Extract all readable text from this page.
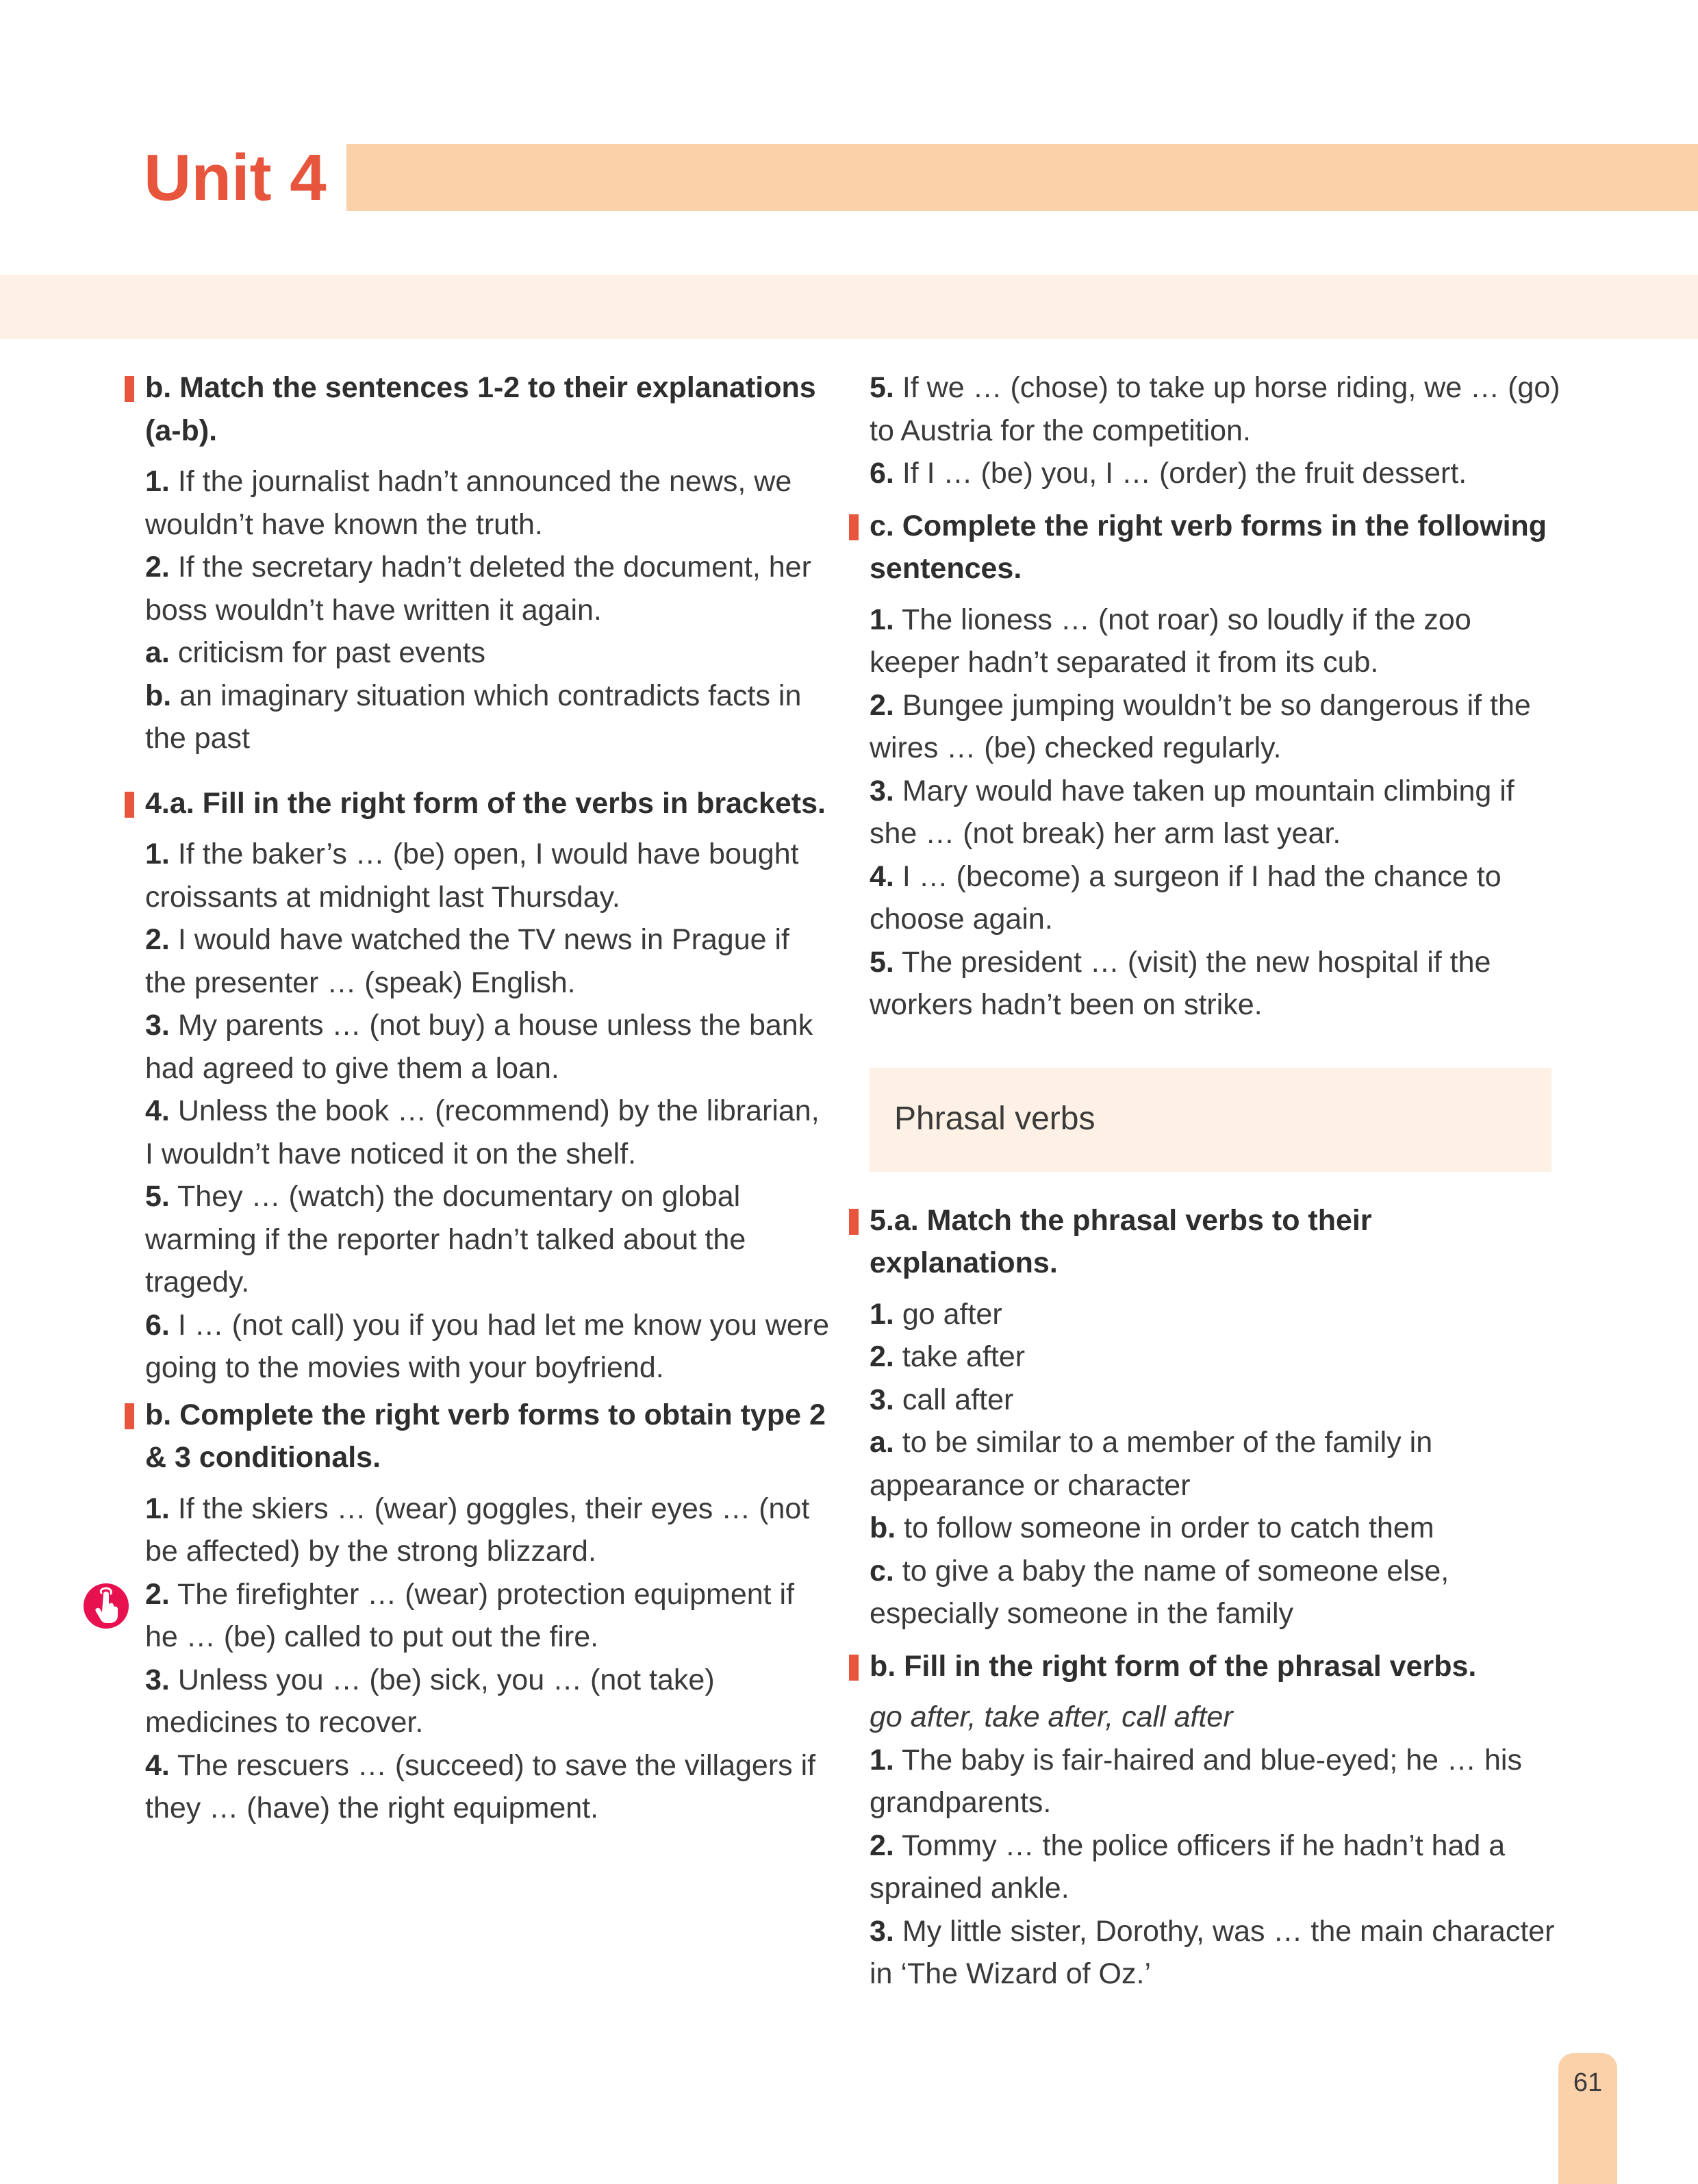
Unit 4

b. Match the sentences 1-2 to their explanations (a-b).

1. If the journalist hadn’t announced the news, we wouldn’t have known the truth.

2. If the secretary hadn’t deleted the document, her boss wouldn’t have written it again.

a. criticism for past events

b. an imaginary situation which contradicts facts in the past

4.a. Fill in the right form of the verbs in brackets.

1. If the baker’s … (be) open, I would have bought croissants at midnight last Thursday.

2. I would have watched the TV news in Prague if the presenter … (speak) English.

3. My parents … (not buy) a house unless the bank had agreed to give them a loan.

4. Unless the book … (recommend) by the librarian, I wouldn’t have noticed it on the shelf.

5. They … (watch) the documentary on global warming if the reporter hadn’t talked about the tragedy.

6. I … (not call) you if you had let me know you were going to the movies with your boyfriend.

b. Complete the right verb forms to obtain type 2 & 3 conditionals.

1. If the skiers … (wear) goggles, their eyes … (not be affected) by the strong blizzard.

2. The firefighter … (wear) protection equipment if he … (be) called to put out the fire.

3. Unless you … (be) sick, you … (not take) medicines to recover.

4. The rescuers … (succeed) to save the villagers if they … (have) the right equipment.

5. If we … (chose) to take up horse riding, we … (go) to Austria for the competition.

6. If I … (be) you, I … (order) the fruit dessert.

c. Complete the right verb forms in the following sentences.

1. The lioness … (not roar) so loudly if the zoo keeper hadn’t separated it from its cub.

2. Bungee jumping wouldn’t be so dangerous if the wires … (be) checked regularly.

3. Mary would have taken up mountain climbing if she … (not break) her arm last year.

4. I … (become) a surgeon if I had the chance to choose again.

5. The president … (visit) the new hospital if the workers hadn’t been on strike.

Phrasal verbs

5.a. Match the phrasal verbs to their explanations.

1. go after

2. take after

3. call after

a. to be similar to a member of the family in appearance or character

b. to follow someone in order to catch them

c. to give a baby the name of someone else, especially someone in the family

b. Fill in the right form of the phrasal verbs.

go after, take after, call after

1. The baby is fair-haired and blue-eyed; he … his grandparents.

2. Tommy … the police officers if he hadn’t had a sprained ankle.

3. My little sister, Dorothy, was … the main character in ‘The Wizard of Oz.’

61
